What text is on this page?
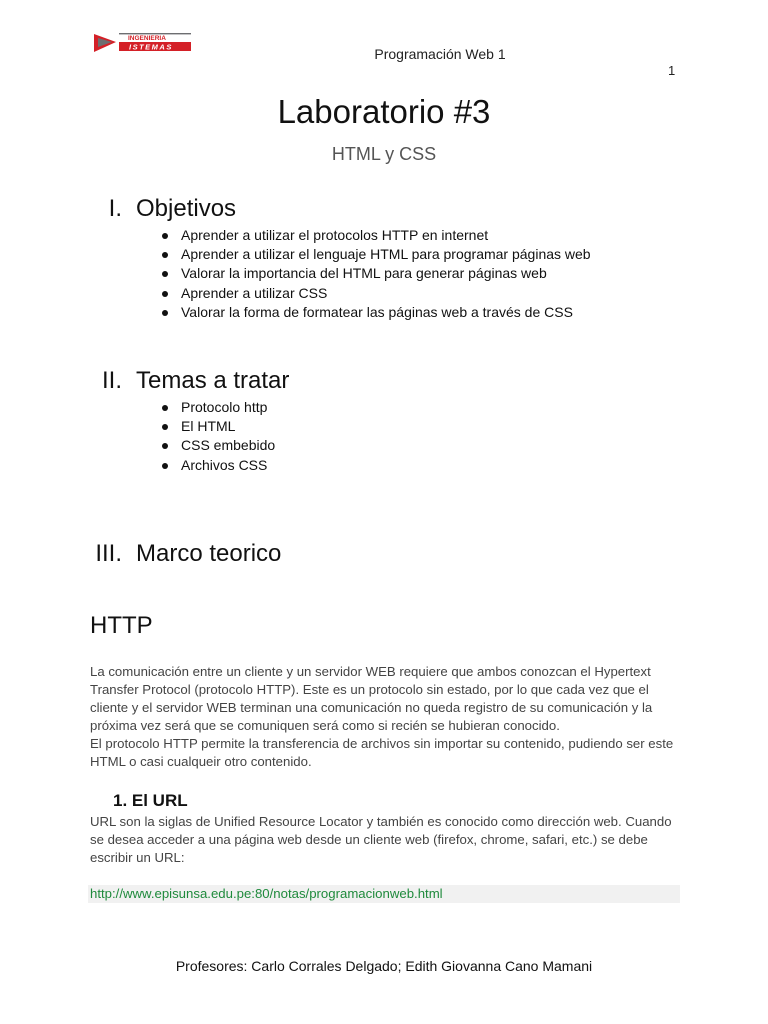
INGENIERIA
ISTEMAS	Programación Web 1
1
Laboratorio #3
HTML y CSS
I. Objetivos
Aprender a utilizar el protocolos HTTP en internet
Aprender a utilizar el lenguaje HTML para programar páginas web
Valorar la importancia del HTML para generar páginas web
Aprender a utilizar CSS
Valorar la forma de formatear las páginas web a través de CSS
II. Temas a tratar
Protocolo http
El HTML
CSS embebido
Archivos CSS
III. Marco teorico
HTTP
La comunicación entre un cliente y un servidor WEB requiere que ambos conozcan el Hypertext Transfer Protocol (protocolo HTTP). Este es un protocolo sin estado, por lo que cada vez que el cliente y el servidor WEB terminan una comunicación no queda registro de su comunicación y la próxima vez será que se comuniquen será como si recién se hubieran conocido.
El protocolo HTTP permite la transferencia de archivos sin importar su contenido, pudiendo ser este HTML o casi cualqueir otro contenido.
1. El URL
URL son la siglas de Unified Resource Locator y también es conocido como dirección web. Cuando se desea acceder a una página web desde un cliente web (firefox, chrome, safari, etc.) se debe escribir un URL:
http://www.episunsa.edu.pe:80/notas/programacionweb.html
Profesores: Carlo Corrales Delgado; Edith Giovanna Cano Mamani
